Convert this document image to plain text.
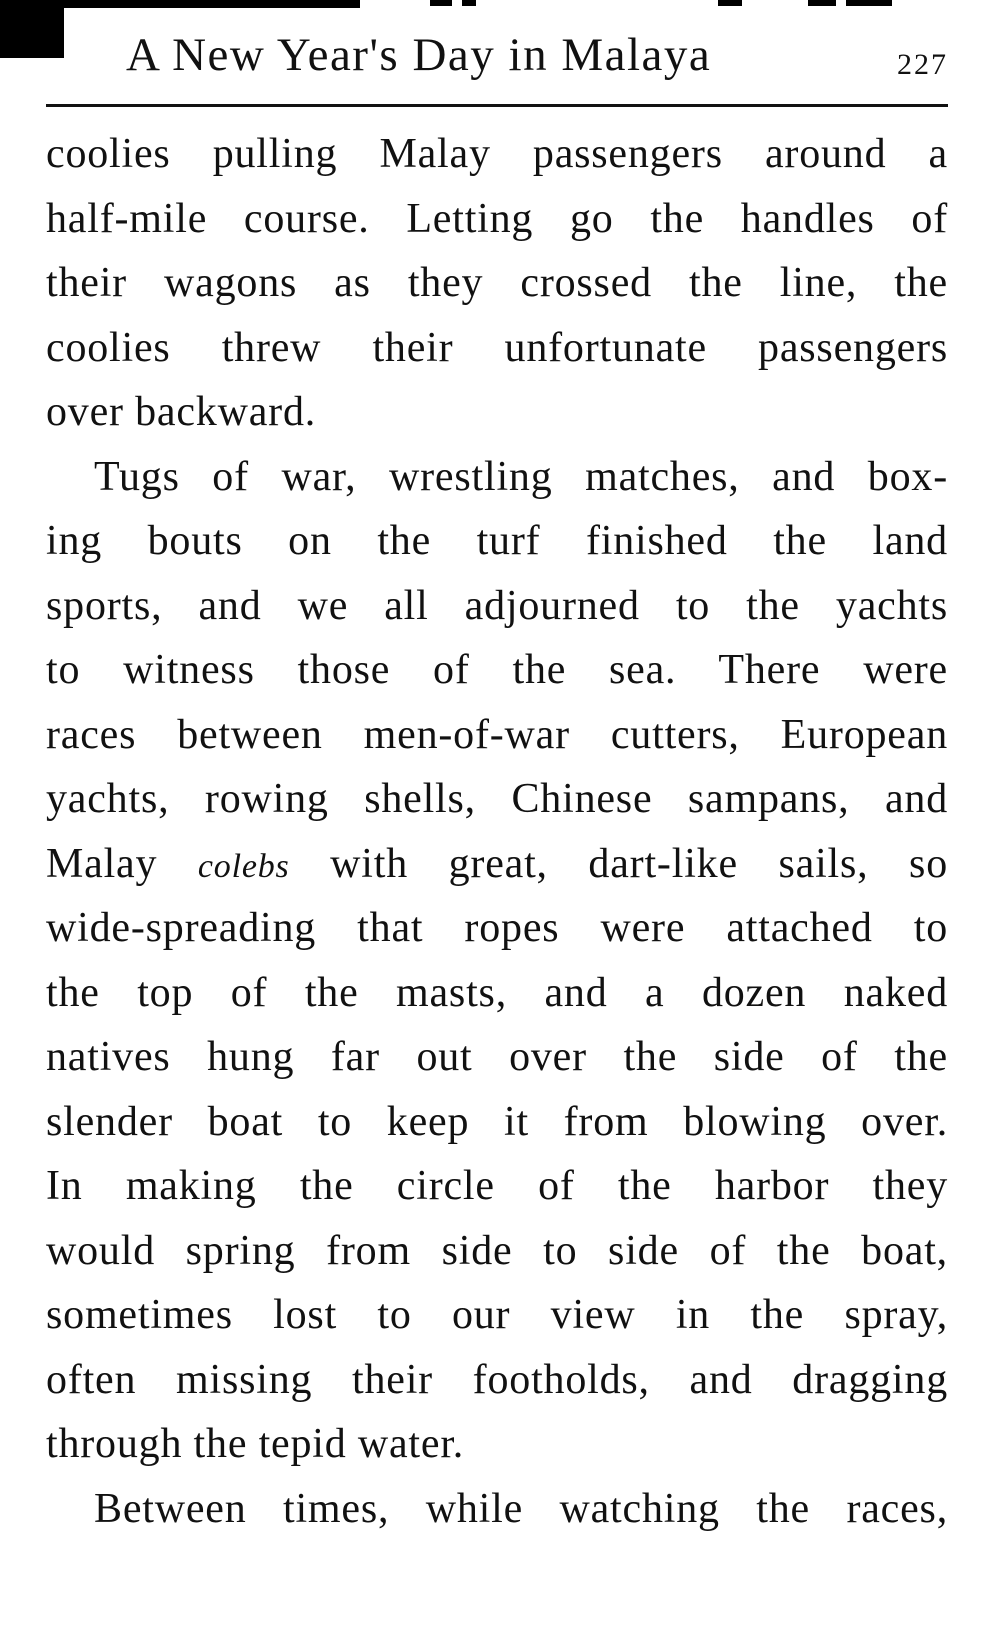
A New Year's Day in Malaya	227

coolies pulling Malay passengers around a
half-mile course. Letting go the handles of
their wagons as they crossed the line, the
coolies threw their unfortunate passengers
over backward.

Tugs of war, wrestling matches, and box-
ing bouts on the turf finished the land
sports, and we all adjourned to the yachts
to witness those of the sea. There were
races between men-of-war cutters, European
yachts, rowing shells, Chinese sampans, and
Malay colebs with great, dart-like sails, so
wide-spreading that ropes were attached to
the top of the masts, and a dozen naked
natives hung far out over the side of the
slender boat to keep it from blowing over.
In making the circle of the harbor they
would spring from side to side of the boat,
sometimes lost to our view in the spray,
often missing their footholds, and dragging
through the tepid water.

Between times, while watching the races,
